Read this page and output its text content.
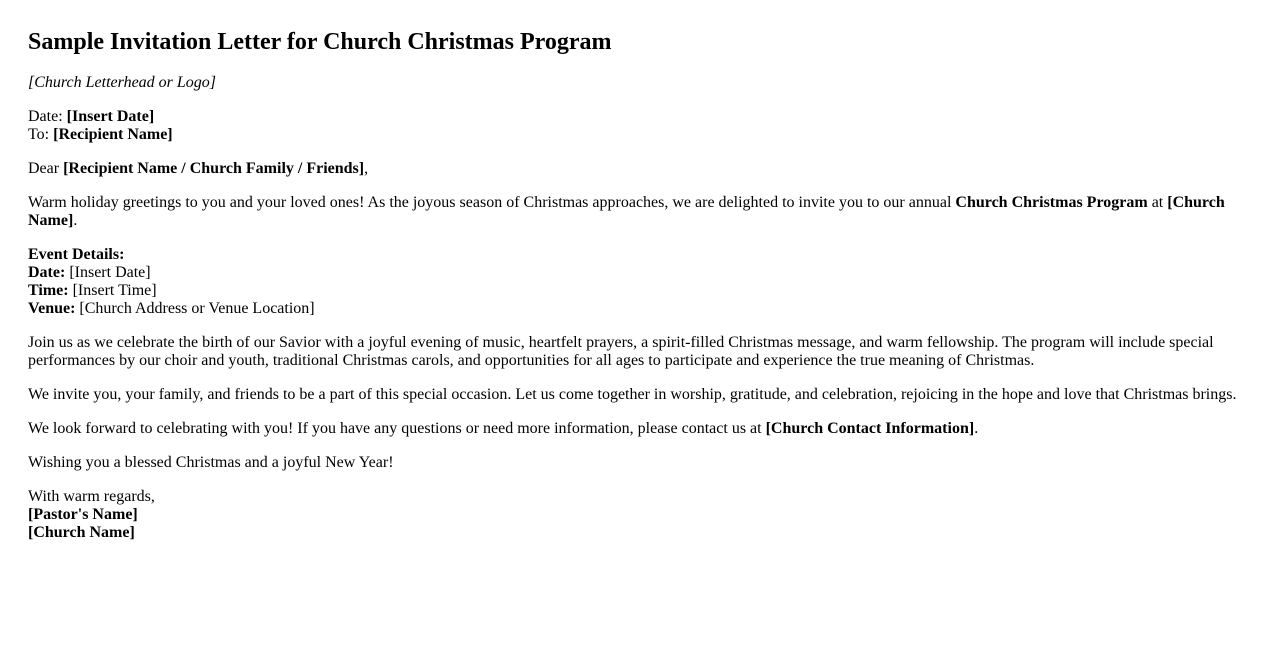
Sample Invitation Letter for Church Christmas Program

[Church Letterhead or Logo]

Date: [Insert Date]
To: [Recipient Name]

Dear [Recipient Name / Church Family / Friends],

Warm holiday greetings to you and your loved ones! As the joyous season of Christmas approaches, we are delighted to invite you to our annual Church Christmas Program at [Church Name].

Event Details:
Date: [Insert Date]
Time: [Insert Time]
Venue: [Church Address or Venue Location]

Join us as we celebrate the birth of our Savior with a joyful evening of music, heartfelt prayers, a spirit-filled Christmas message, and warm fellowship. The program will include special performances by our choir and youth, traditional Christmas carols, and opportunities for all ages to participate and experience the true meaning of Christmas.

We invite you, your family, and friends to be a part of this special occasion. Let us come together in worship, gratitude, and celebration, rejoicing in the hope and love that Christmas brings.

We look forward to celebrating with you! If you have any questions or need more information, please contact us at [Church Contact Information].

Wishing you a blessed Christmas and a joyful New Year!

With warm regards,
[Pastor's Name]
[Church Name]
